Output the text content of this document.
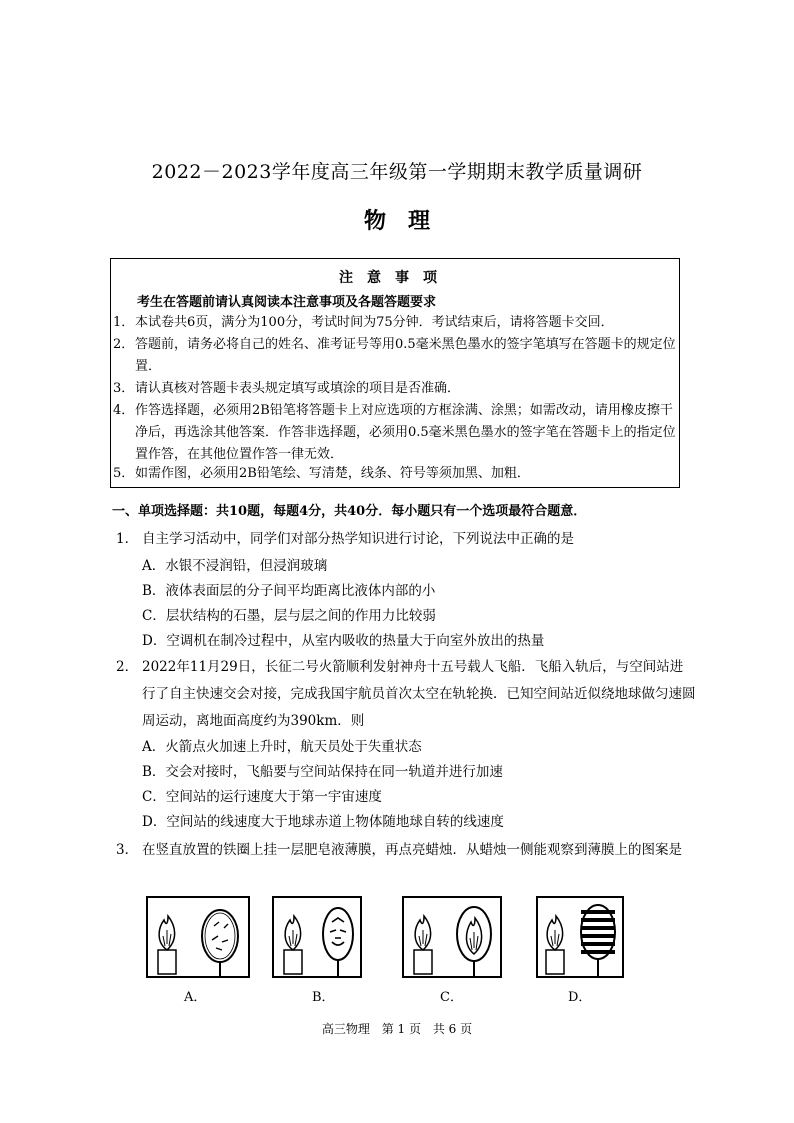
2022－2023学年度高三年级第一学期期末教学质量调研
物理
注意事项
考生在答题前请认真阅读本注意事项及各题答题要求
1． 本试卷共6页，满分为100分，考试时间为75分钟．考试结束后，请将答题卡交回．
2． 答题前，请务必将自己的姓名、准考证号等用0.5毫米黑色墨水的签字笔填写在答题卡的规定位置．
3． 请认真核对答题卡表头规定填写或填涂的项目是否准确．
4． 作答选择题，必须用2B铅笔将答题卡上对应选项的方框涂满、涂黑；如需改动，请用橡皮擦干净后，再选涂其他答案．作答非选择题，必须用0.5毫米黑色墨水的签字笔在答题卡上的指定位置作答，在其他位置作答一律无效．
5． 如需作图，必须用2B铅笔绘、写清楚，线条、符号等须加黑、加粗．
一、单项选择题：共10题，每题4分，共40分．每小题只有一个选项最符合题意．
1． 自主学习活动中，同学们对部分热学知识进行讨论，下列说法中正确的是
A．水银不浸润铅，但浸润玻璃
B．液体表面层的分子间平均距离比液体内部的小
C．层状结构的石墨，层与层之间的作用力比较弱
D．空调机在制冷过程中，从室内吸收的热量大于向室外放出的热量
2． 2022年11月29日，长征二号火箭顺利发射神舟十五号载人飞船．飞船入轨后，与空间站进行了自主快速交会对接，完成我国宇航员首次太空在轨轮换．已知空间站近似绕地球做匀速圆周运动，离地面高度约为390km．则
A．火箭点火加速上升时，航天员处于失重状态
B．交会对接时，飞船要与空间站保持在同一轨道并进行加速
C．空间站的运行速度大于第一宇宙速度
D．空间站的线速度大于地球赤道上物体随地球自转的线速度
3． 在竖直放置的铁圈上挂一层肥皂液薄膜，再点亮蜡烛．从蜡烛一侧能观察到薄膜上的图案是
A．	B．	C．	D．
高三物理 第 1 页 共 6 页
